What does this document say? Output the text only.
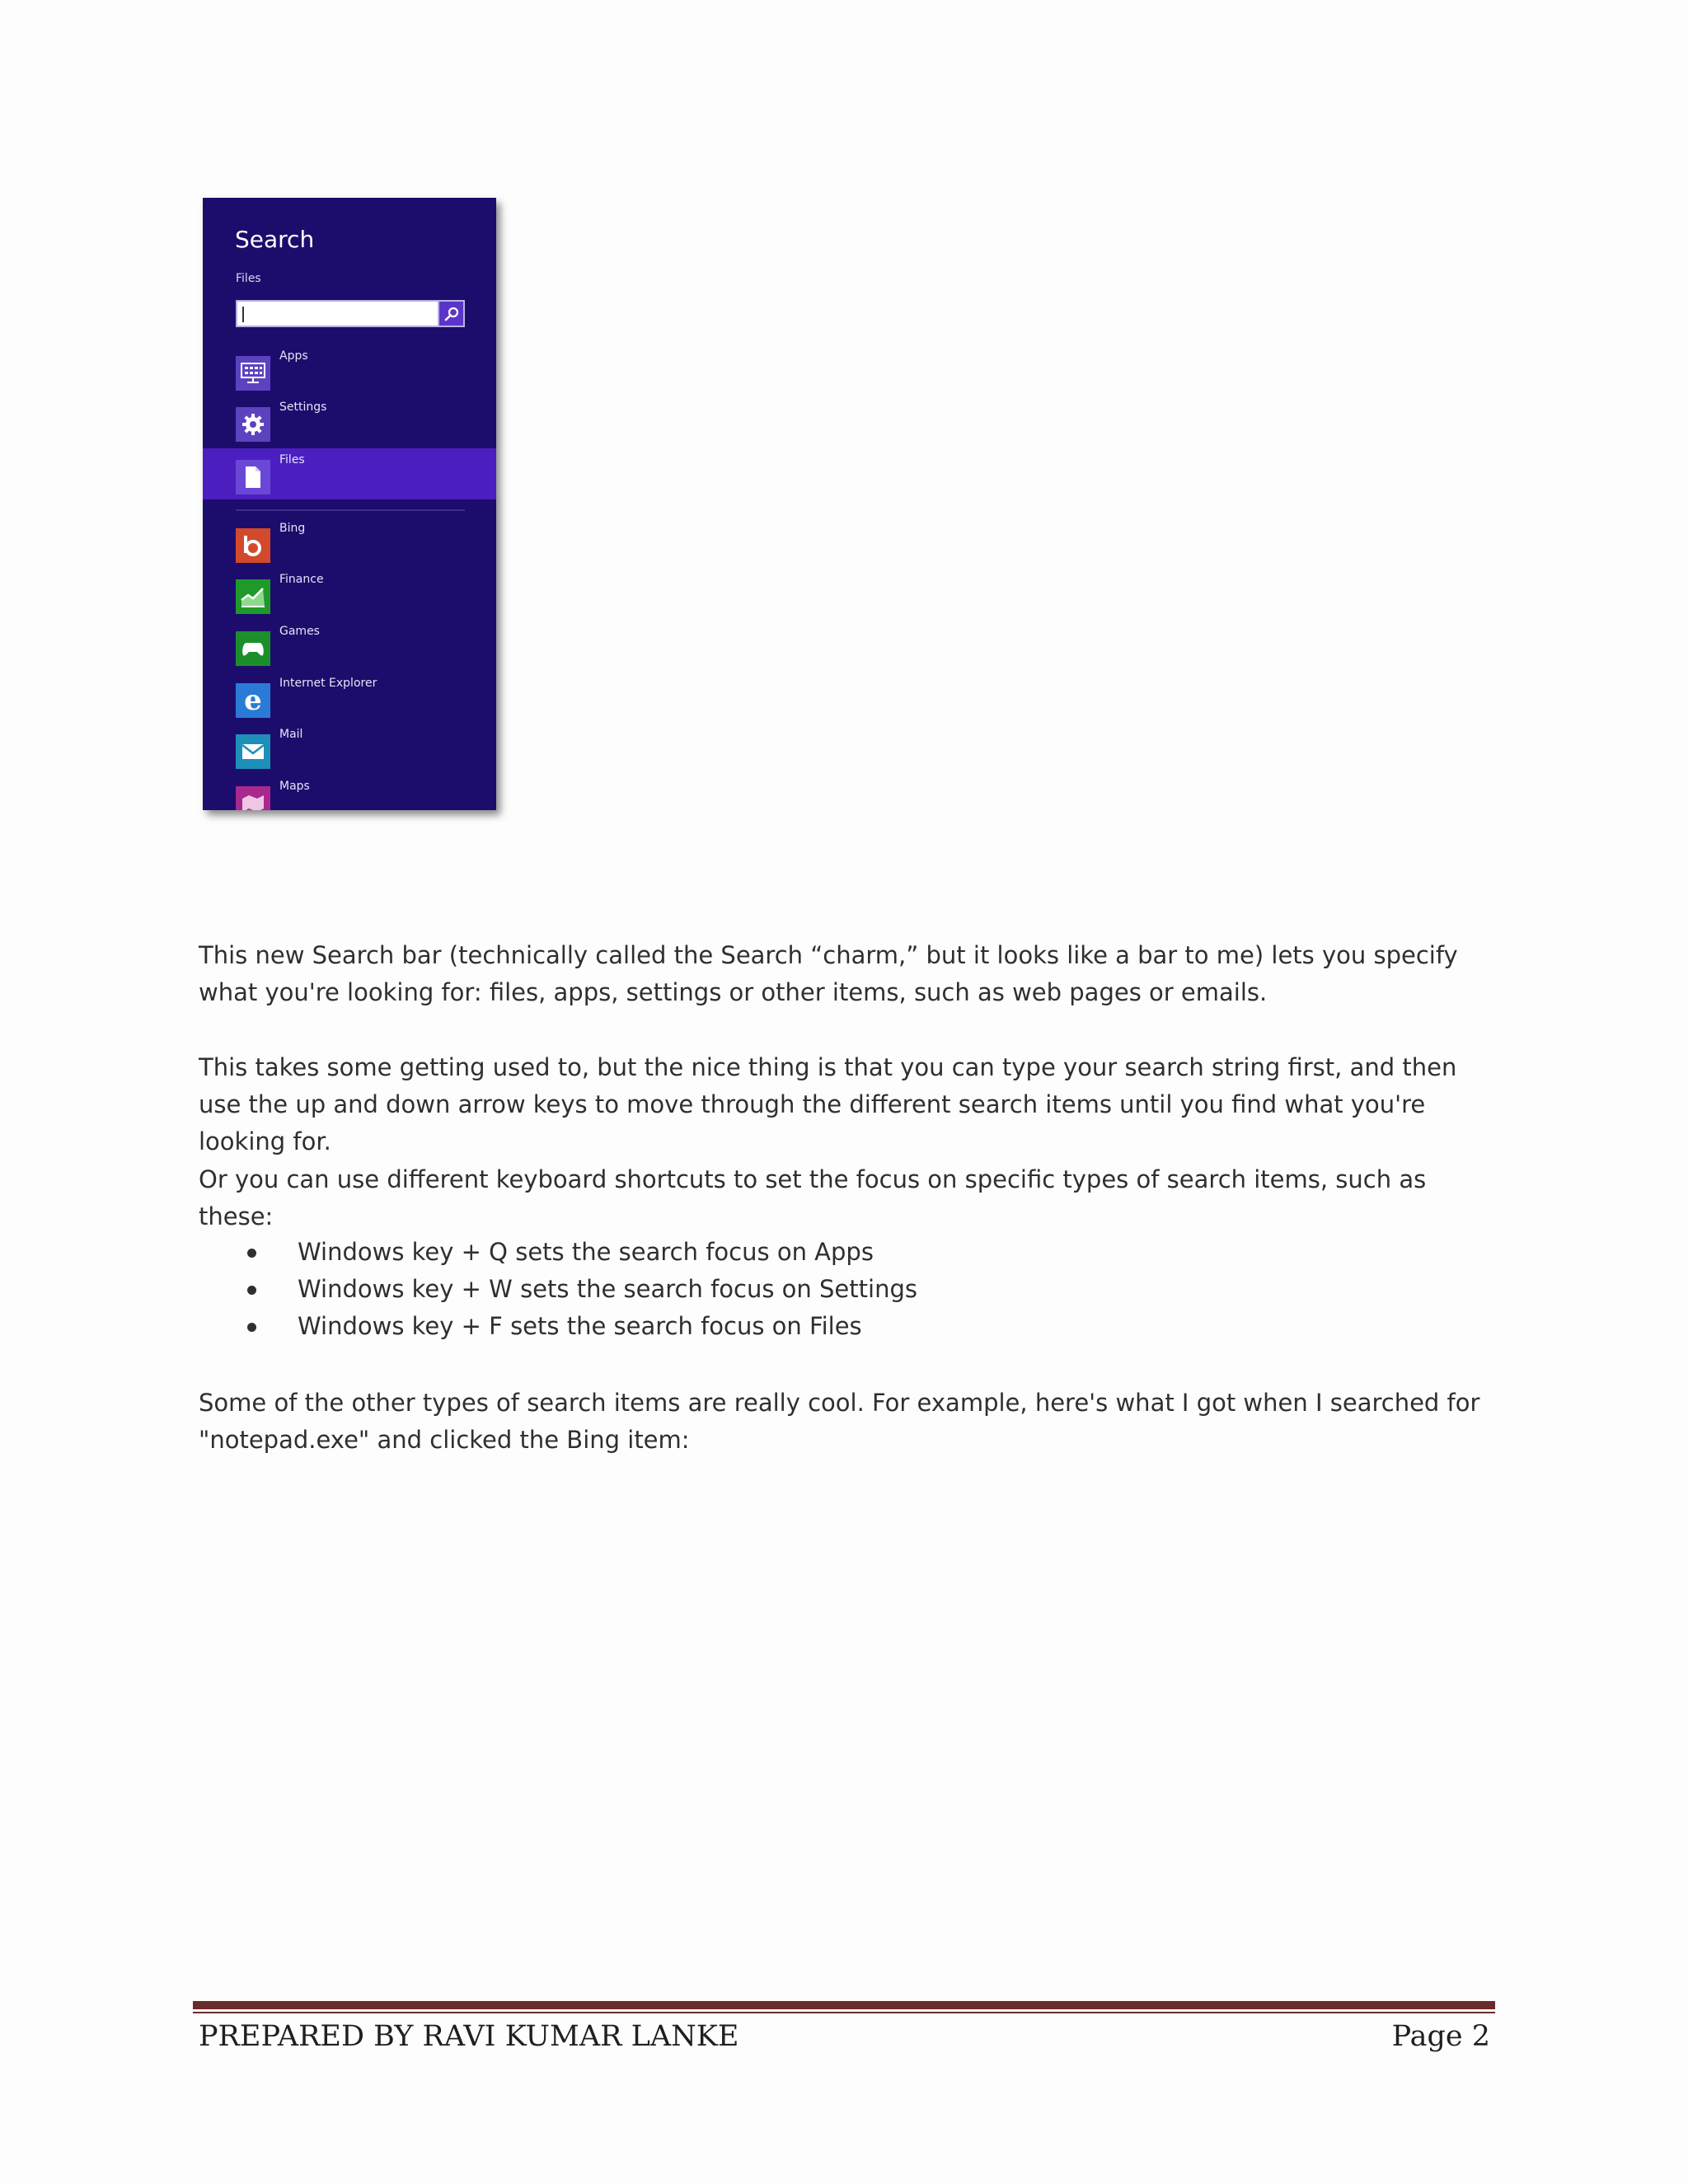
Search
Files
Apps
Settings
Files
Bing
Finance
Games
e
Internet Explorer
Mail
Maps

This new Search bar (technically called the Search “charm,” but it looks like a bar to me) lets you specify what you're looking for: files, apps, settings or other items, such as web pages or emails.

This takes some getting used to, but the nice thing is that you can type your search string first, and then use the up and down arrow keys to move through the different search items until you find what you're looking for.

Or you can use different keyboard shortcuts to set the focus on specific types of search items, such as these:

Windows key + Q sets the search focus on Apps
Windows key + W sets the search focus on Settings
Windows key + F sets the search focus on Files

Some of the other types of search items are really cool. For example, here's what I got when I searched for "notepad.exe" and clicked the Bing item:

PREPARED BY RAVI KUMAR LANKE	Page 2
